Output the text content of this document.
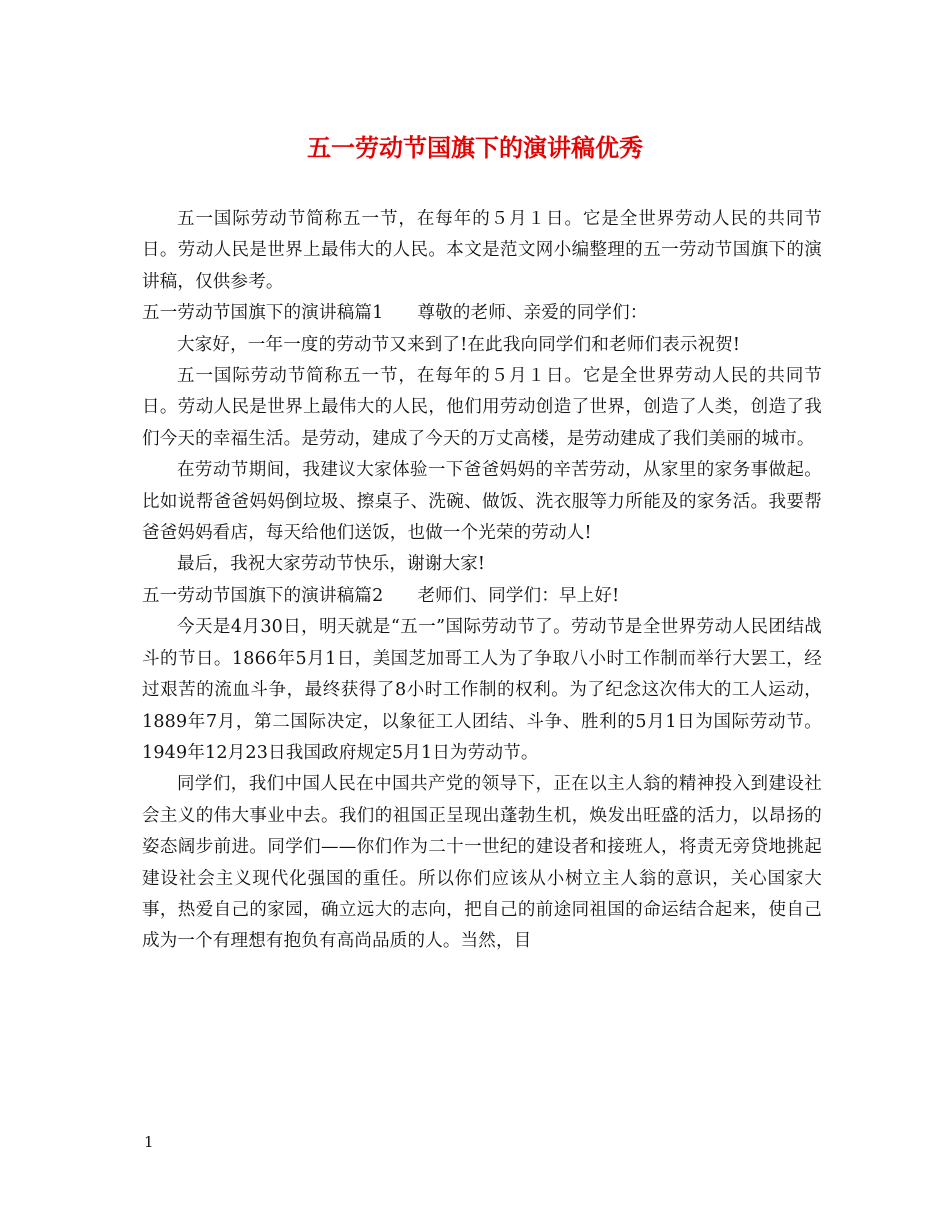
五一劳动节国旗下的演讲稿优秀

五一国际劳动节简称五一节，在每年的５月１日。它是全世界劳动人民的共同节日。劳动人民是世界上最伟大的人民。本文是范文网小编整理的五一劳动节国旗下的演讲稿，仅供参考。

五一劳动节国旗下的演讲稿篇1 尊敬的老师、亲爱的同学们：

大家好，一年一度的劳动节又来到了!在此我向同学们和老师们表示祝贺!

五一国际劳动节简称五一节，在每年的５月１日。它是全世界劳动人民的共同节日。劳动人民是世界上最伟大的人民，他们用劳动创造了世界，创造了人类，创造了我们今天的幸福生活。是劳动，建成了今天的万丈高楼，是劳动建成了我们美丽的城市。

在劳动节期间，我建议大家体验一下爸爸妈妈的辛苦劳动，从家里的家务事做起。比如说帮爸爸妈妈倒垃圾、擦桌子、洗碗、做饭、洗衣服等力所能及的家务活。我要帮爸爸妈妈看店，每天给他们送饭，也做一个光荣的劳动人!

最后，我祝大家劳动节快乐，谢谢大家!

五一劳动节国旗下的演讲稿篇2 老师们、同学们：早上好!

今天是4月30日，明天就是“五一”国际劳动节了。劳动节是全世界劳动人民团结战斗的节日。1866年5月1日，美国芝加哥工人为了争取八小时工作制而举行大罢工，经过艰苦的流血斗争，最终获得了8小时工作制的权利。为了纪念这次伟大的工人运动，1889年7月，第二国际决定，以象征工人团结、斗争、胜利的5月1日为国际劳动节。1949年12月23日我国政府规定5月1日为劳动节。

同学们，我们中国人民在中国共产党的领导下，正在以主人翁的精神投入到建设社会主义的伟大事业中去。我们的祖国正呈现出蓬勃生机，焕发出旺盛的活力，以昂扬的姿态阔步前进。同学们——你们作为二十一世纪的建设者和接班人，将责无旁贷地挑起建设社会主义现代化强国的重任。所以你们应该从小树立主人翁的意识，关心国家大事，热爱自己的家园，确立远大的志向，把自己的前途同祖国的命运结合起来，使自己成为一个有理想有抱负有高尚品质的人。当然，目

1
